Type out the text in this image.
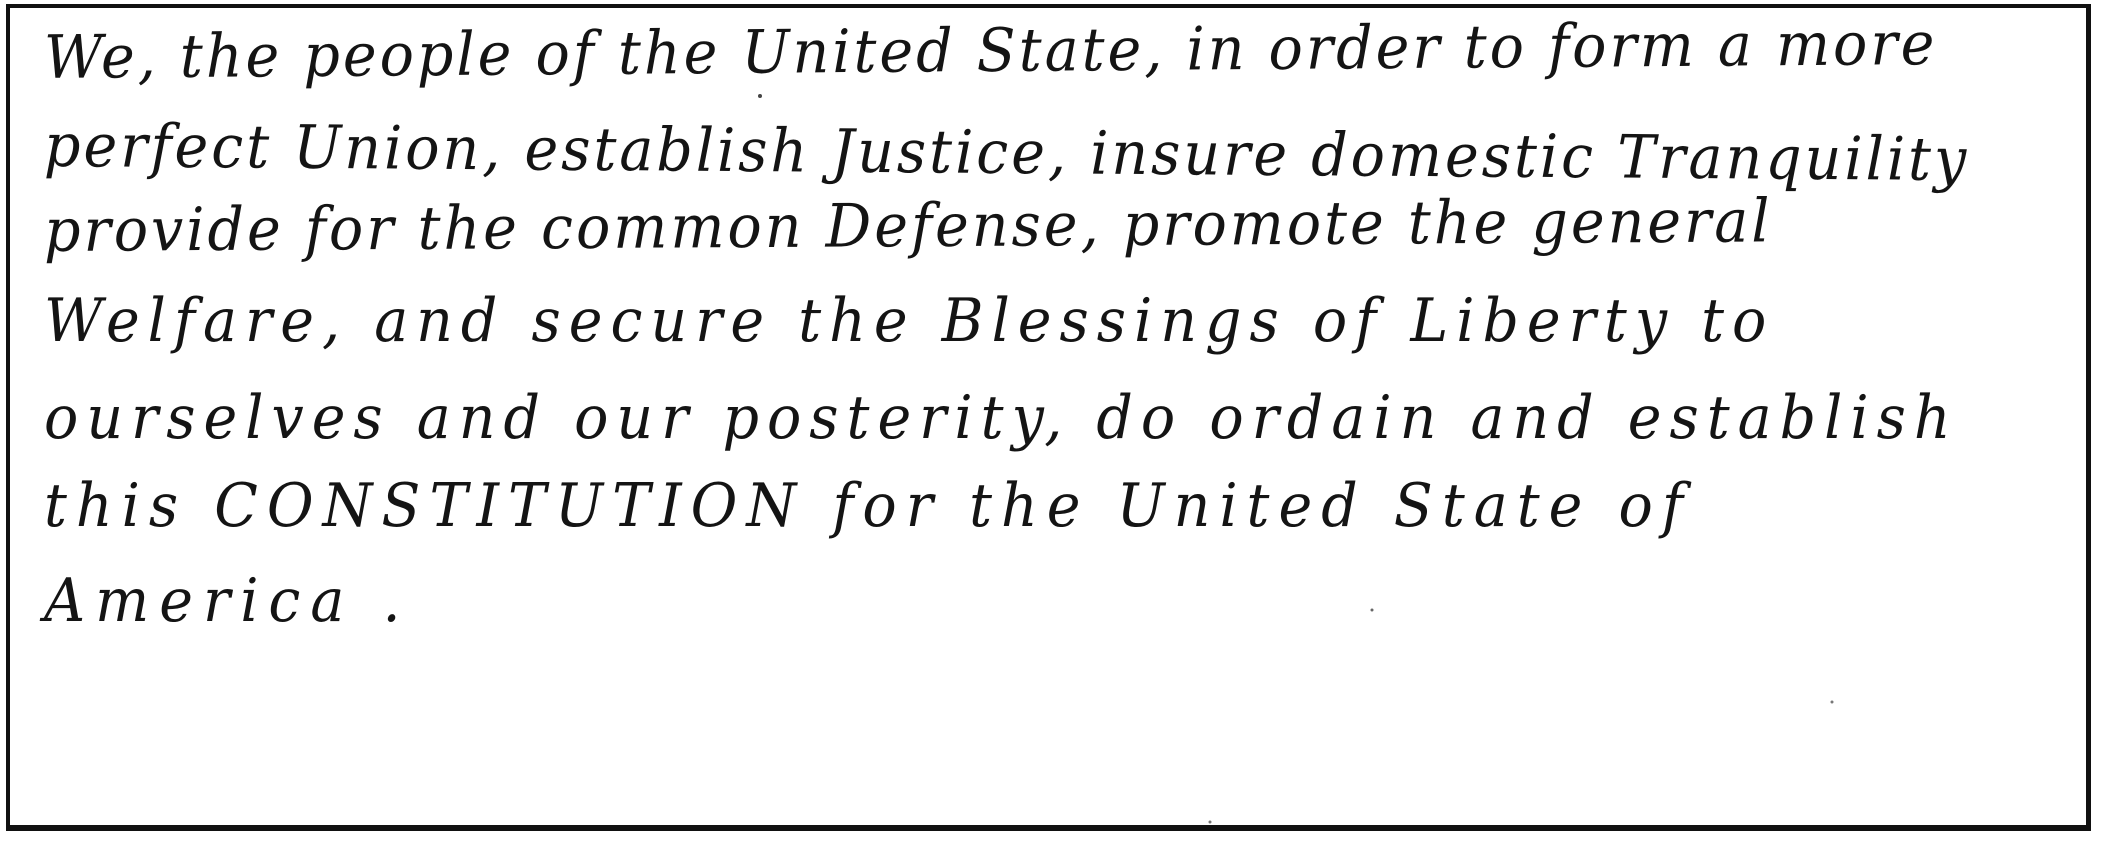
We, the people of the United State, in order to form a more
perfect Union, establish Justice, insure domestic Tranquility
provide for the common Defense, promote the general
Welfare, and secure the Blessings of Liberty to
ourselves and our posterity, do ordain and establish
this CONSTITUTION for the United State of
America .
